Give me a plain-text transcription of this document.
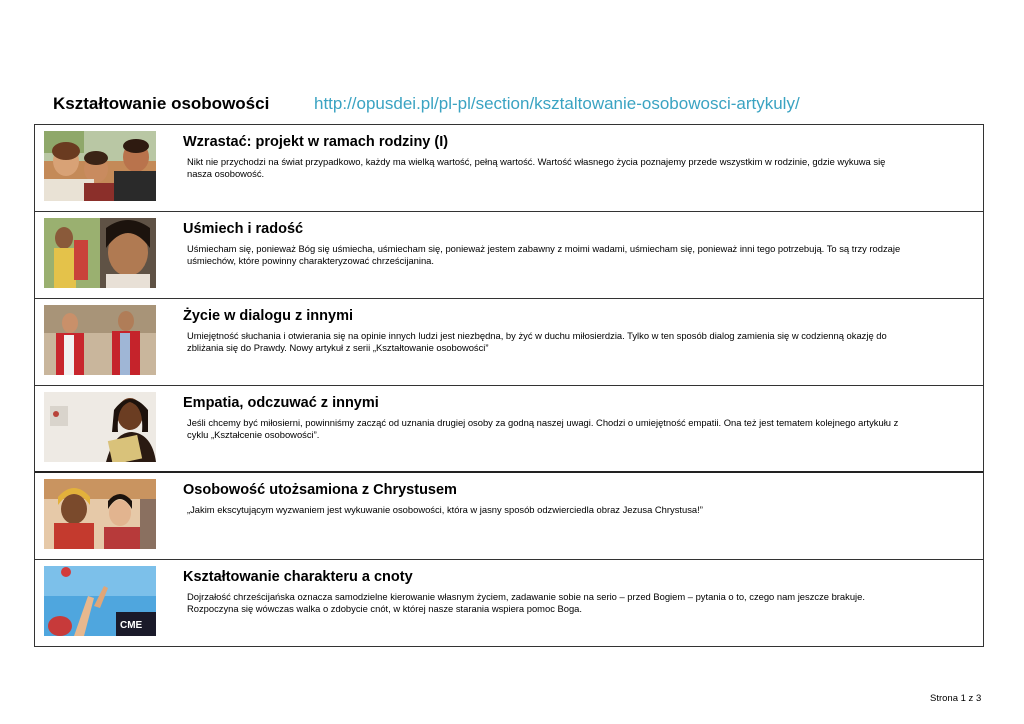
Kształtowanie osobowości	http://opusdei.pl/pl-pl/section/ksztaltowanie-osobowosci-artykuly/
Wzrastać: projekt w ramach rodziny (I)
Nikt nie przychodzi na świat przypadkowo, każdy ma wielką wartość, pełną wartość. Wartość własnego życia poznajemy przede wszystkim w rodzinie, gdzie wykuwa się nasza osobowość.
Uśmiech i radość
Uśmiecham się, ponieważ Bóg się uśmiecha, uśmiecham się, ponieważ jestem zabawny z moimi wadami, uśmiecham się, ponieważ inni tego potrzebują. To są trzy rodzaje uśmiechów, które powinny charakteryzować chrześcijanina.
Życie w dialogu z innymi
Umiejętność słuchania i otwierania się na opinie innych ludzi jest niezbędna, by żyć w duchu miłosierdzia. Tylko w ten sposób dialog zamienia się w codzienną okazję do zbliżania się do Prawdy. Nowy artykuł z serii „Kształtowanie osobowości”
Empatia, odczuwać z innymi
Jeśli chcemy być miłosierni, powinniśmy zacząć od uznania drugiej osoby za godną naszej uwagi. Chodzi o umiejętność empatii. Ona też jest tematem kolejnego artykułu z cyklu „Kształcenie osobowości”.
Osobowość utożsamiona z Chrystusem
„Jakim ekscytującym wyzwaniem jest wykuwanie osobowości, która w jasny sposób odzwierciedla obraz Jezusa Chrystusa!”
CME
Kształtowanie charakteru a cnoty
Dojrzałość chrześcijańska oznacza samodzielne kierowanie własnym życiem, zadawanie sobie na serio – przed Bogiem – pytania o to, czego nam jeszcze brakuje. Rozpoczyna się wówczas walka o zdobycie cnót, w której nasze starania wspiera pomoc Boga.
Strona 1 z 3
